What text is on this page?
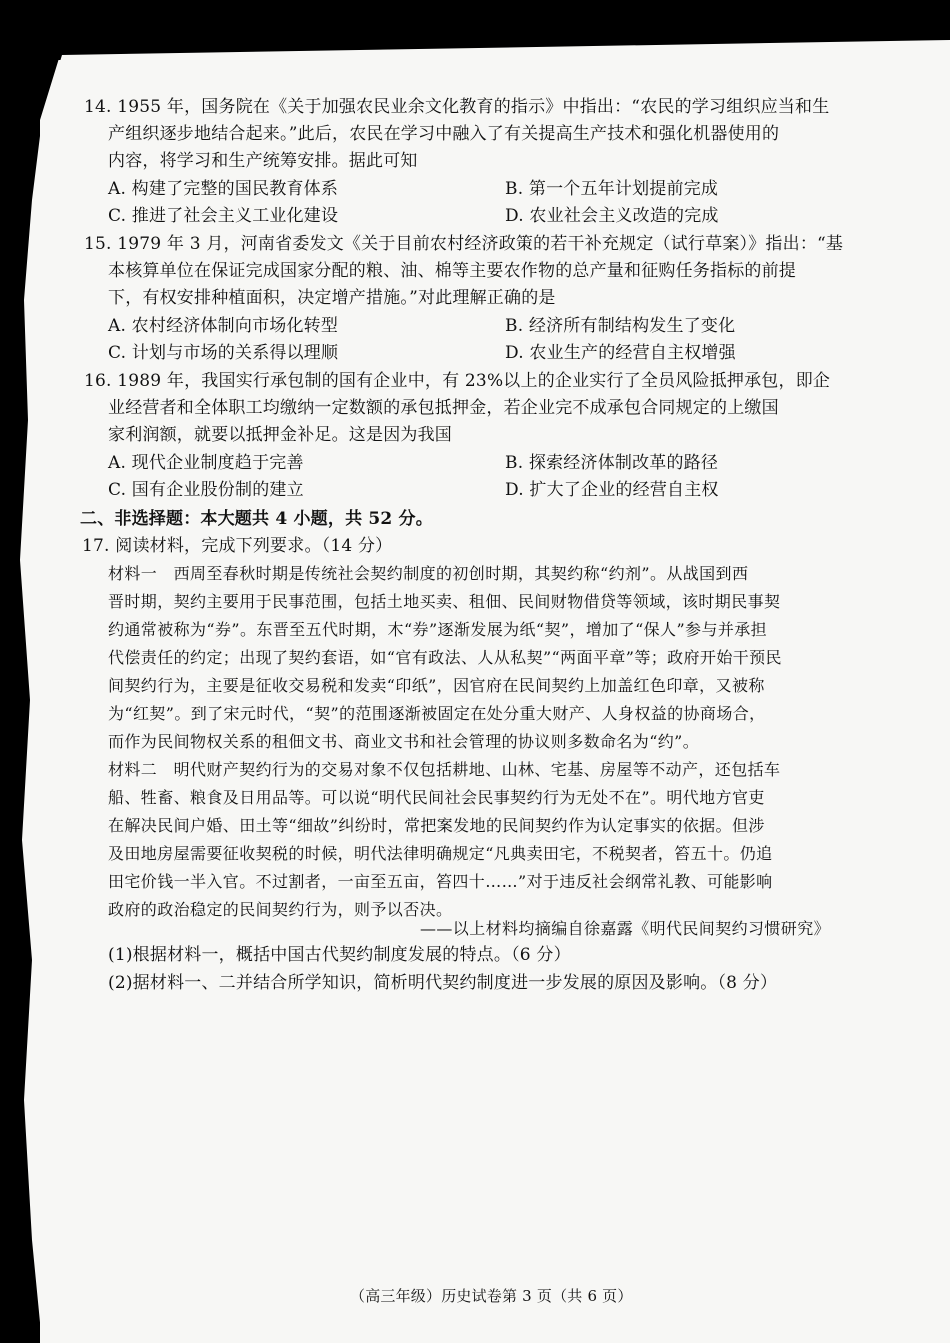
14. 1955 年，国务院在《关于加强农民业余文化教育的指示》中指出：“农民的学习组织应当和生
产组织逐步地结合起来。”此后，农民在学习中融入了有关提高生产技术和强化机器使用的
内容，将学习和生产统筹安排。据此可知
A. 构建了完整的国民教育体系	B. 第一个五年计划提前完成
C. 推进了社会主义工业化建设	D. 农业社会主义改造的完成
15. 1979 年 3 月，河南省委发文《关于目前农村经济政策的若干补充规定（试行草案）》指出：“基
本核算单位在保证完成国家分配的粮、油、棉等主要农作物的总产量和征购任务指标的前提
下，有权安排种植面积，决定增产措施。”对此理解正确的是
A. 农村经济体制向市场化转型	B. 经济所有制结构发生了变化
C. 计划与市场的关系得以理顺	D. 农业生产的经营自主权增强
16. 1989 年，我国实行承包制的国有企业中，有 23%以上的企业实行了全员风险抵押承包，即企
业经营者和全体职工均缴纳一定数额的承包抵押金，若企业完不成承包合同规定的上缴国
家利润额，就要以抵押金补足。这是因为我国
A. 现代企业制度趋于完善	B. 探索经济体制改革的路径
C. 国有企业股份制的建立	D. 扩大了企业的经营自主权
二、非选择题：本大题共 4 小题，共 52 分。
17. 阅读材料，完成下列要求。（14 分）
材料一　西周至春秋时期是传统社会契约制度的初创时期，其契约称“约剂”。从战国到西
晋时期，契约主要用于民事范围，包括土地买卖、租佃、民间财物借贷等领域，该时期民事契
约通常被称为“券”。东晋至五代时期，木“券”逐渐发展为纸“契”，增加了“保人”参与并承担
代偿责任的约定；出现了契约套语，如“官有政法、人从私契”“两面平章”等；政府开始干预民
间契约行为，主要是征收交易税和发卖“印纸”，因官府在民间契约上加盖红色印章，又被称
为“红契”。到了宋元时代，“契”的范围逐渐被固定在处分重大财产、人身权益的协商场合，
而作为民间物权关系的租佃文书、商业文书和社会管理的协议则多数命名为“约”。
材料二　明代财产契约行为的交易对象不仅包括耕地、山林、宅基、房屋等不动产，还包括车
船、牲畜、粮食及日用品等。可以说“明代民间社会民事契约行为无处不在”。明代地方官吏
在解决民间户婚、田土等“细故”纠纷时，常把案发地的民间契约作为认定事实的依据。但涉
及田地房屋需要征收契税的时候，明代法律明确规定“凡典卖田宅，不税契者，笞五十。仍追
田宅价钱一半入官。不过割者，一亩至五亩，笞四十……”对于违反社会纲常礼教、可能影响
政府的政治稳定的民间契约行为，则予以否决。
——以上材料均摘编自徐嘉露《明代民间契约习惯研究》
(1)根据材料一，概括中国古代契约制度发展的特点。（6 分）
(2)据材料一、二并结合所学知识，简析明代契约制度进一步发展的原因及影响。（8 分）
（高三年级）历史试卷第 3 页（共 6 页）
